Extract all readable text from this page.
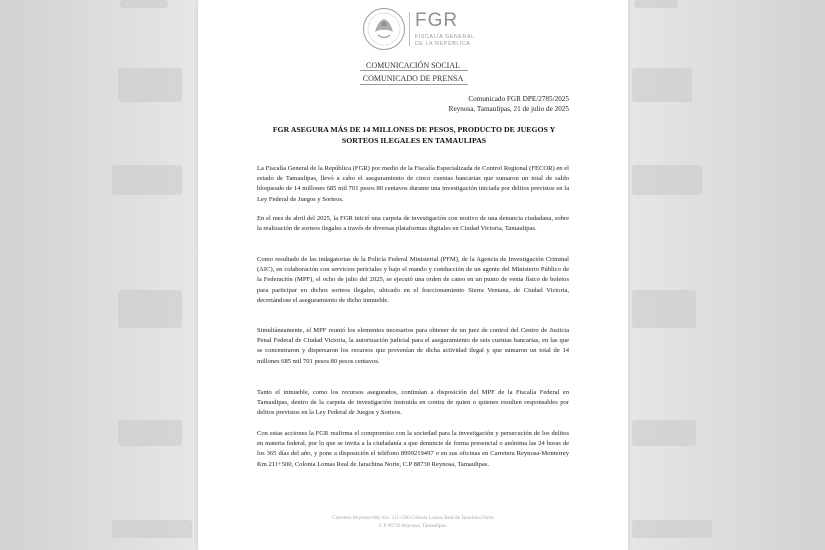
FGR
FISCALÍA GENERAL
DE LA REPÚBLICA
COMUNICACIÓN SOCIAL
COMUNICADO DE PRENSA
Comunicado FGR DPE/2785/2025
Reynosa, Tamaulipas, 21 de julio de 2025
FGR ASEGURA MÁS DE 14 MILLONES DE PESOS, PRODUCTO DE JUEGOS Y SORTEOS ILEGALES EN TAMAULIPAS

La Fiscalía General de la República (FGR) por medio de la Fiscalía Especializada de Control Regional (FECOR) en el estado de Tamaulipas, llevó a cabo el aseguramiento de cinco cuentas bancarias que sumaron un total de saldo bloqueado de 14 millones 685 mil 701 pesos 80 centavos durante una investigación iniciada por delitos previstos en la Ley Federal de Juegos y Sorteos.

En el mes de abril del 2025, la FGR inició una carpeta de investigación con motivo de una denuncia ciudadana, sobre la realización de sorteos ilegales a través de diversas plataformas digitales en Ciudad Victoria, Tamaulipas.

Como resultado de las indagatorias de la Policía Federal Ministerial (PFM), de la Agencia de Investigación Criminal (AIC), en colaboración con servicios periciales y bajo el mando y conducción de un agente del Ministerio Público de la Federación (MPF), el ocho de julio del 2025, se ejecutó una orden de cateo en un punto de venta físico de boletos para participar en dichos sorteos ilegales, ubicado en el fraccionamiento Sierra Ventana, de Ciudad Victoria, decretándose el aseguramiento de dicho inmueble.

Simultáneamente, el MPF reunió los elementos necesarios para obtener de un juez de control del Centro de Justicia Penal Federal de Ciudad Victoria, la autorización judicial para el aseguramiento de seis cuentas bancarias, en las que se concentraron y dispersaron los recursos que provenían de dicha actividad ilegal y que sumaron un total de 14 millones 685 mil 701 pesos 80 pesos centavos.

Tanto el inmueble, como los recursos asegurados, continúan a disposición del MPF de la Fiscalía Federal en Tamaulipas, dentro de la carpeta de investigación instruida en contra de quien o quienes resulten responsables por delitos previstos en la Ley Federal de Juegos y Sorteos.

Con estas acciones la FGR reafirma el compromiso con la sociedad para la investigación y persecución de los delitos en materia federal, por lo que se invita a la ciudadanía a que denuncie de forma presencial o anónima las 24 horas de los 365 días del año, y pone a disposición el teléfono 8999219497 o en sus oficinas en Carretera Reynosa-Monterrey Km 211+500, Colonia Lomas Real de Jarachina Norte, C.P 88730 Reynosa, Tamaulipas.

Carretera Reynosa-Mty km. 211+500 Colonia Lomas Real de Jarachina Norte
C.P 88730 Reynosa, Tamaulipas.
